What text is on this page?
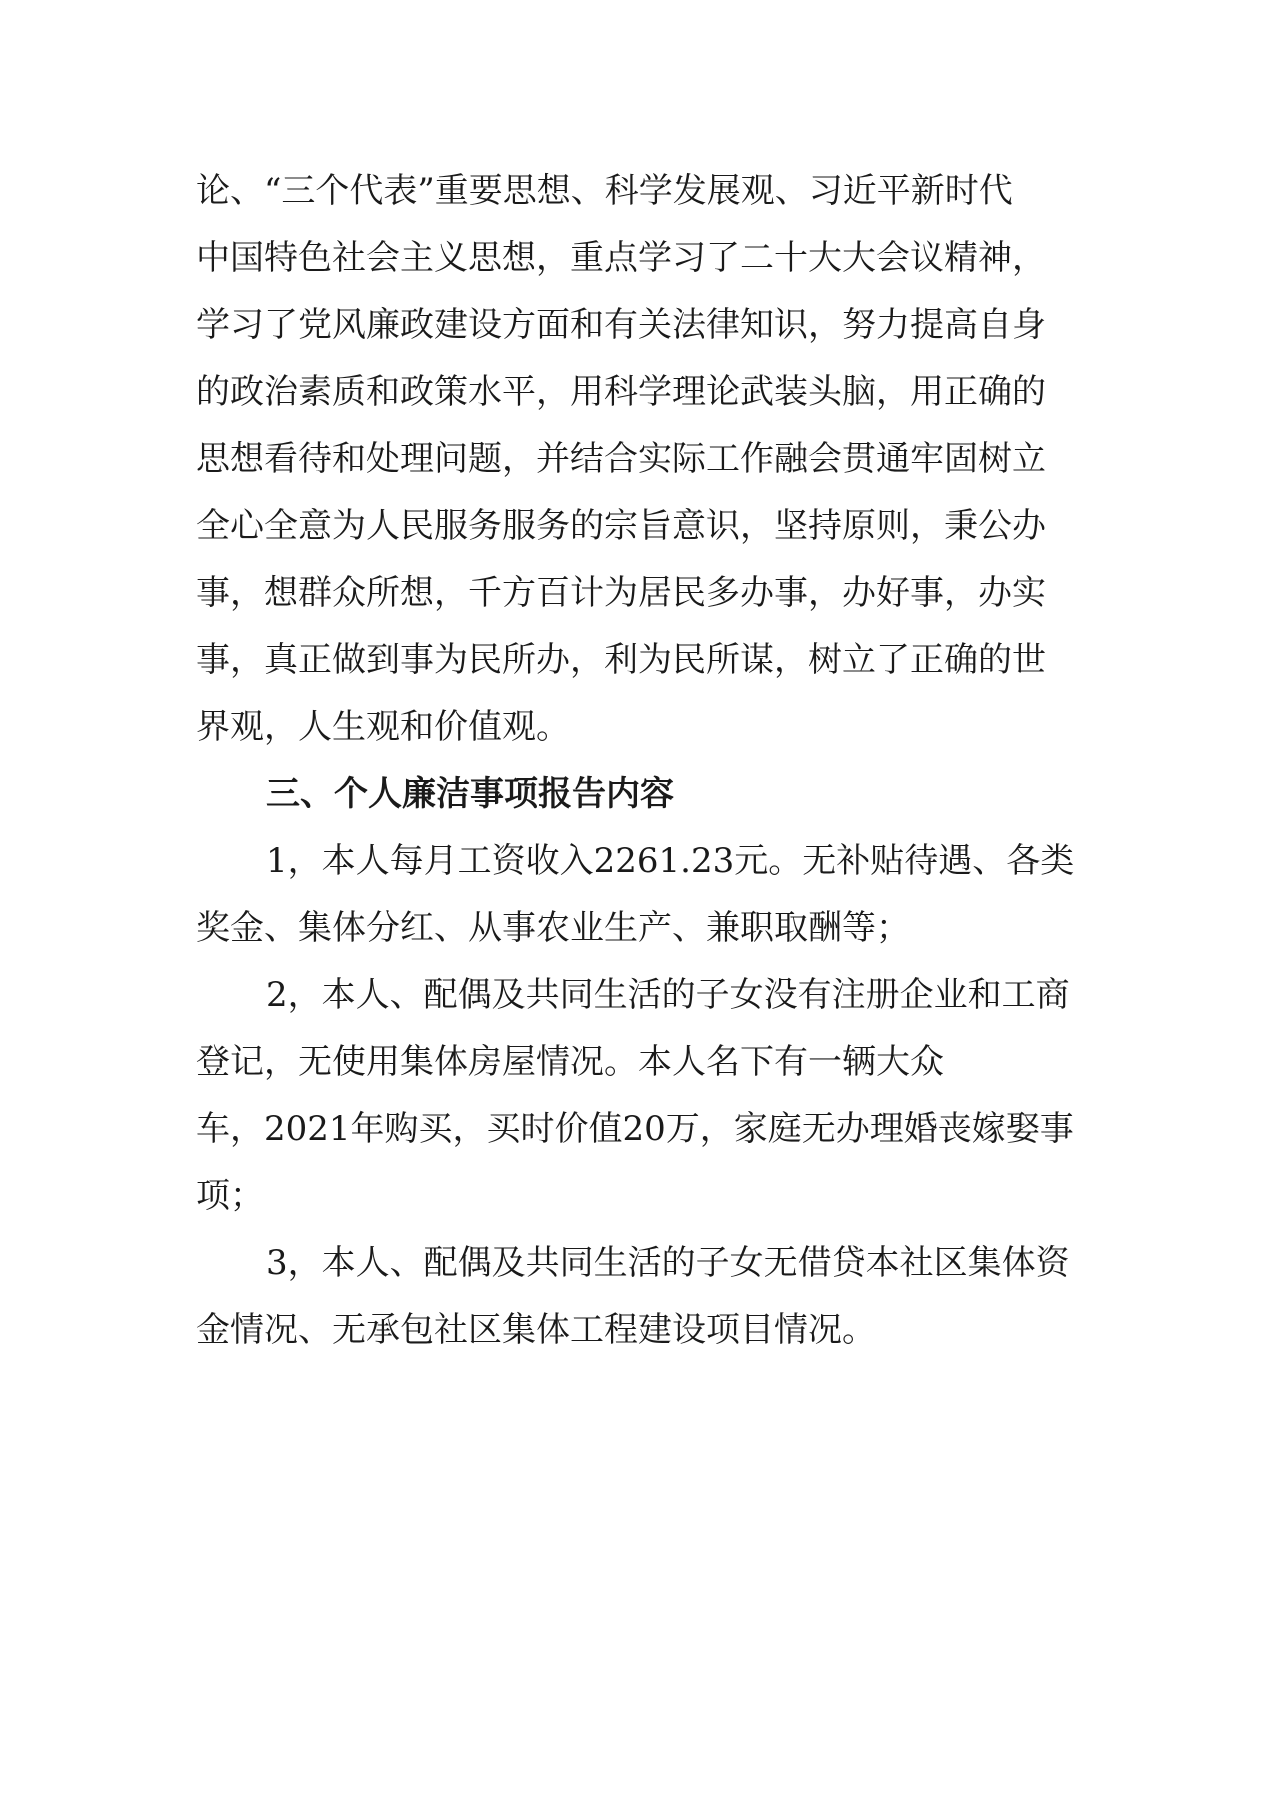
论、“三个代表”重要思想、科学发展观、习近平新时代
中国特色社会主义思想，重点学习了二十大大会议精神，
学习了党风廉政建设方面和有关法律知识，努力提高自身
的政治素质和政策水平，用科学理论武装头脑，用正确的
思想看待和处理问题，并结合实际工作融会贯通牢固树立
全心全意为人民服务服务的宗旨意识，坚持原则，秉公办
事，想群众所想，千方百计为居民多办事，办好事，办实
事，真正做到事为民所办，利为民所谋，树立了正确的世
界观，人生观和价值观。
三、个人廉洁事项报告内容
1，本人每月工资收入2261.23元。无补贴待遇、各类
奖金、集体分红、从事农业生产、兼职取酬等；
2，本人、配偶及共同生活的子女没有注册企业和工商
登记，无使用集体房屋情况。本人名下有一辆大众
车，2021年购买，买时价值20万，家庭无办理婚丧嫁娶事
项；
3，本人、配偶及共同生活的子女无借贷本社区集体资
金情况、无承包社区集体工程建设项目情况。
